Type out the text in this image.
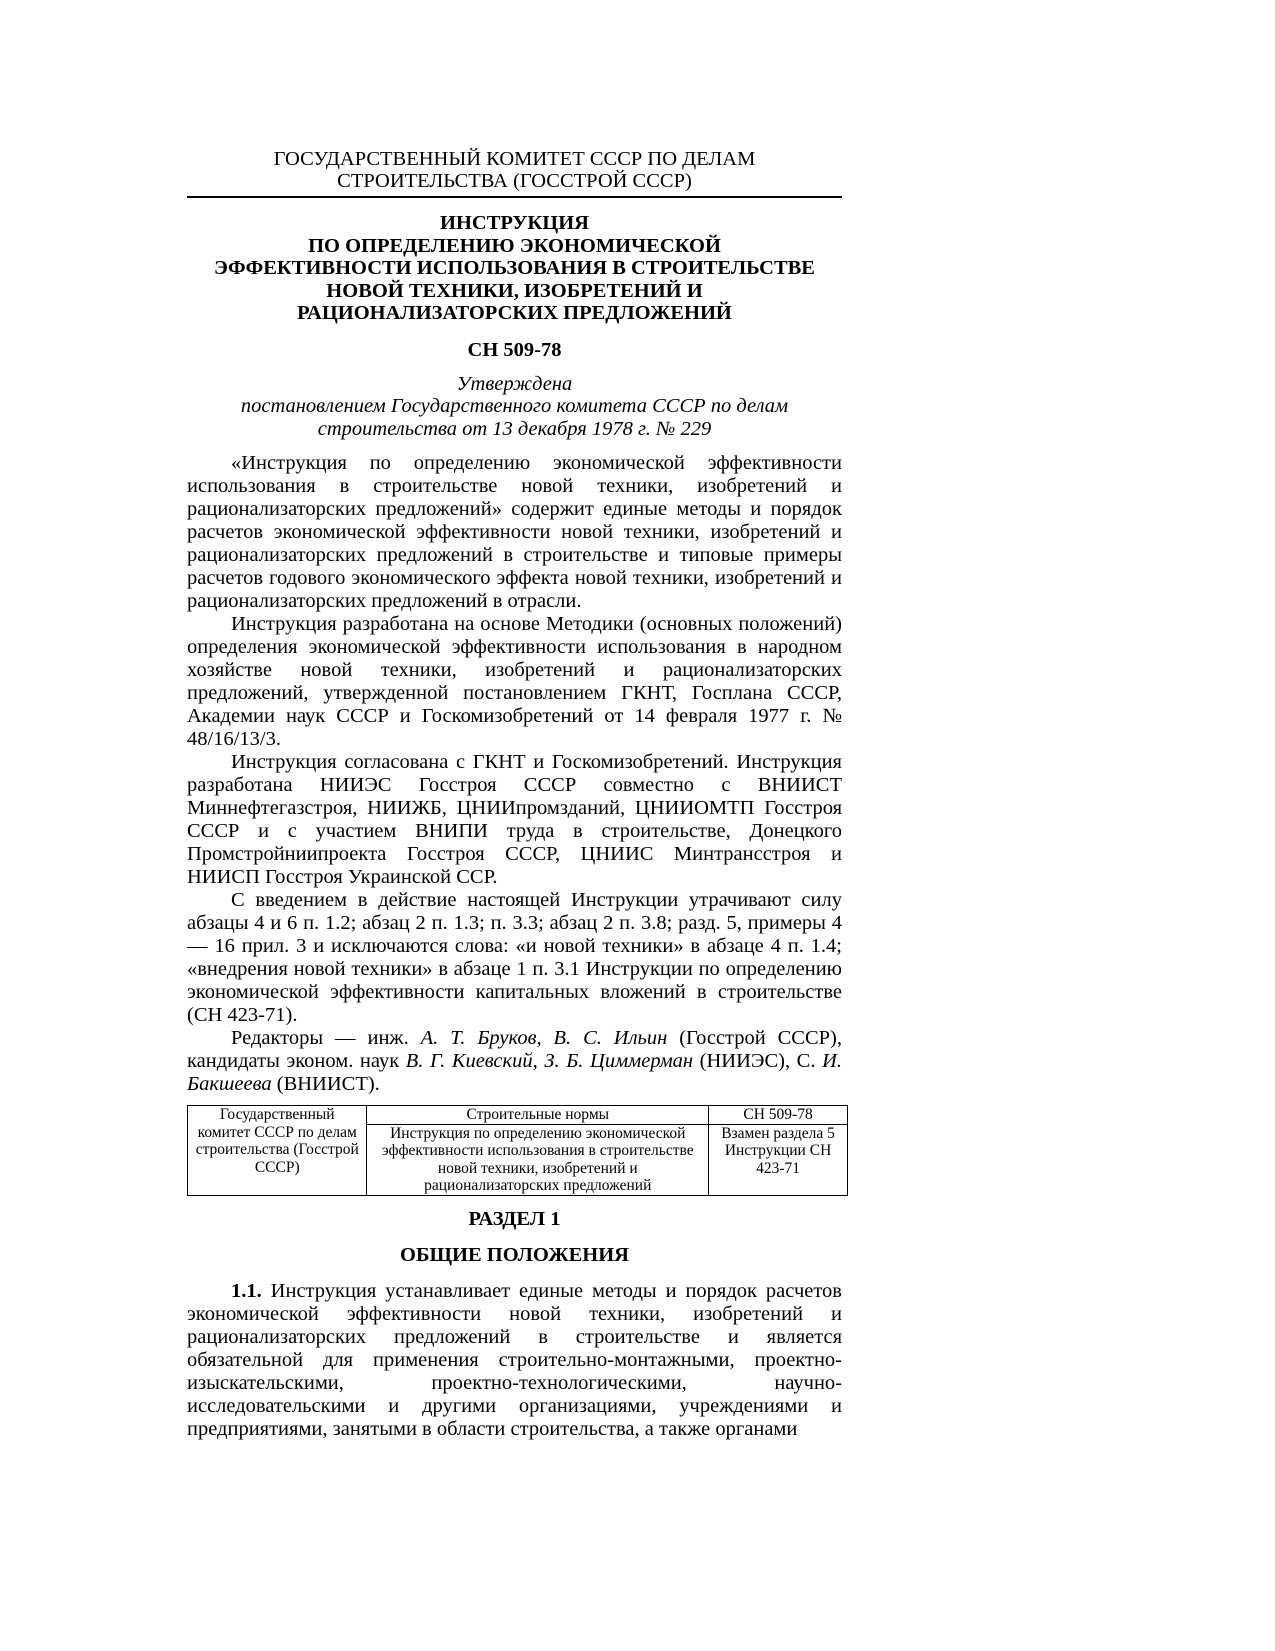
ГОСУДАРСТВЕННЫЙ КОМИТЕТ СССР ПО ДЕЛАМ
СТРОИТЕЛЬСТВА (ГОССТРОЙ СССР)
ИНСТРУКЦИЯ
ПО ОПРЕДЕЛЕНИЮ ЭКОНОМИЧЕСКОЙ
ЭФФЕКТИВНОСТИ ИСПОЛЬЗОВАНИЯ В СТРОИТЕЛЬСТВЕ
НОВОЙ ТЕХНИКИ, ИЗОБРЕТЕНИЙ И
РАЦИОНАЛИЗАТОРСКИХ ПРЕДЛОЖЕНИЙ
СН 509-78
Утверждена
постановлением Государственного комитета СССР по делам
строительства от 13 декабря 1978 г. № 229

«Инструкция по определению экономической эффективности использования в строительстве новой техники, изобретений и рационализаторских предложений» содержит единые методы и порядок расчетов экономической эффективности новой техники, изобретений и рационализаторских предложений в строительстве и типовые примеры расчетов годового экономического эффекта новой техники, изобретений и рационализаторских предложений в отрасли.

Инструкция разработана на основе Методики (основных положений) определения экономической эффективности использования в народном хозяйстве новой техники, изобретений и рационализаторских предложений, утвержденной постановлением ГКНТ, Госплана СССР, Академии наук СССР и Госкомизобретений от 14 февраля 1977 г. № 48/16/13/3.

Инструкция согласована с ГКНТ и Госкомизобретений. Инструкция разработана НИИЭС Госстроя СССР совместно с ВНИИСТ Миннефтегазстроя, НИИЖБ, ЦНИИпромзданий, ЦНИИОМТП Госстроя СССР и с участием ВНИПИ труда в строительстве, Донецкого Промстройниипроекта Госстроя СССР, ЦНИИС Минтрансстроя и НИИСП Госстроя Украинской ССР.

С введением в действие настоящей Инструкции утрачивают силу абзацы 4 и 6 п. 1.2; абзац 2 п. 1.3; п. 3.3; абзац 2 п. 3.8; разд. 5, примеры 4 — 16 прил. 3 и исключаются слова: «и новой техники» в абзаце 4 п. 1.4; «внедрения новой техники» в абзаце 1 п. 3.1 Инструкции по определению экономической эффективности капитальных вложений в строительстве (СН 423-71).

Редакторы — инж. А. Т. Бруков, В. С. Ильин (Госстрой СССР), кандидаты эконом. наук В. Г. Киевский, З. Б. Циммерман (НИИЭС), С. И. Бакшеева (ВНИИСТ).

Государственный
комитет СССР по делам строительства (Госстрой СССР)	Строительные нормы	СН 509-78
	Инструкция по определению экономической эффективности использования в строительстве новой техники, изобретений и рационализаторских предложений	Взамен раздела 5 Инструкции СН 423-71
РАЗДЕЛ 1
ОБЩИЕ ПОЛОЖЕНИЯ

1.1. Инструкция устанавливает единые методы и порядок расчетов экономической эффективности новой техники, изобретений и рационализаторских предложений в строительстве и является обязательной для применения строительно-монтажными, проектно-изыскательскими, проектно-технологическими, научно-исследовательскими и другими организациями, учреждениями и предприятиями, занятыми в области строительства, а также органами
